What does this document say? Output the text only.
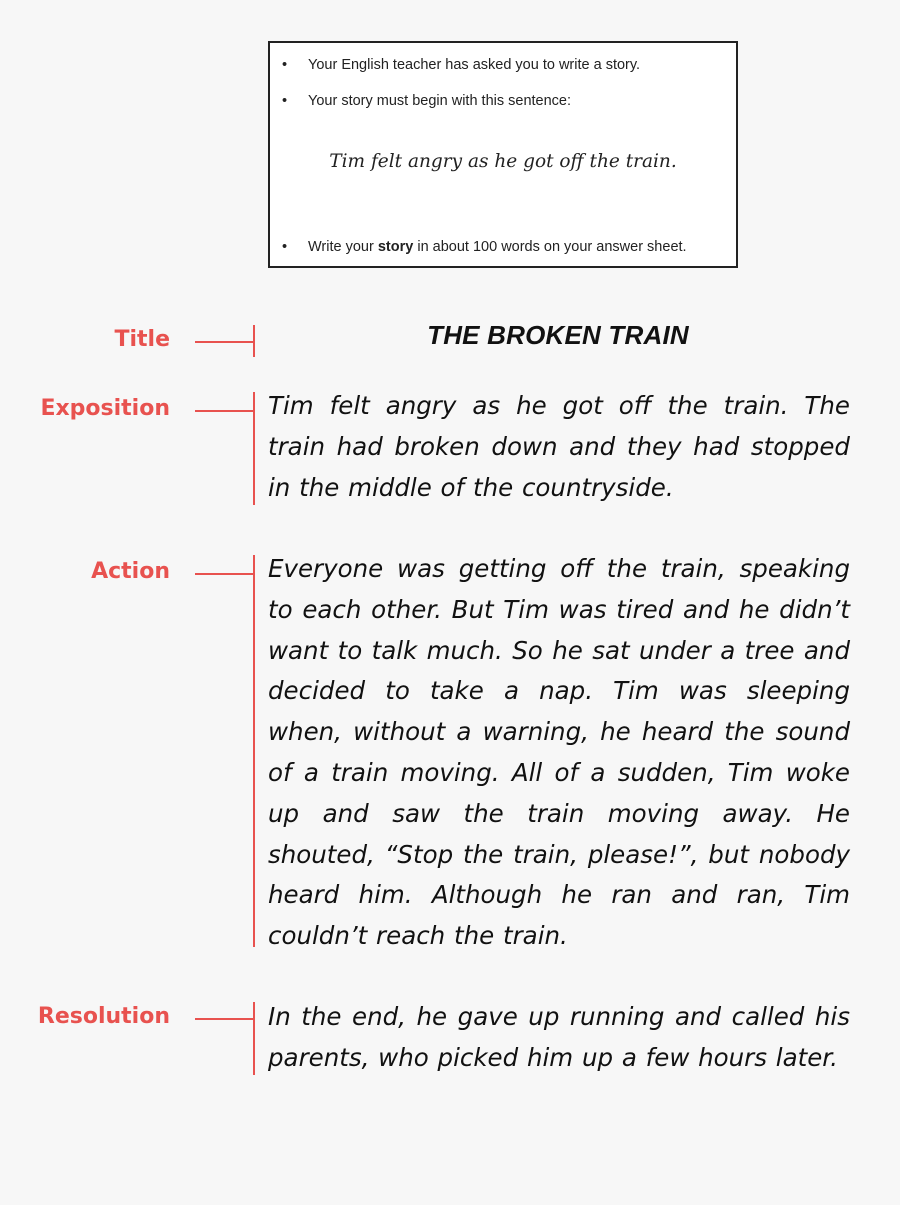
• Your English teacher has asked you to write a story.
• Your story must begin with this sentence:
Tim felt angry as he got off the train.
• Write your story in about 100 words on your answer sheet.
Title	THE BROKEN TRAIN
Exposition	Tim felt angry as he got off the train. The train had broken down and they had stopped in the middle of the countryside.

Action	Everyone was getting off the train, speaking to each other. But Tim was tired and he didn’t want to talk much. So he sat under a tree and decided to take a nap. Tim was sleeping when, without a warning, he heard the sound of a train moving. All of a sudden, Tim woke up and saw the train moving away. He shouted, “Stop the train, please!”, but nobody heard him. Although he ran and ran, Tim couldn’t reach the train.

Resolution	In the end, he gave up running and called his parents, who picked him up a few hours later.
